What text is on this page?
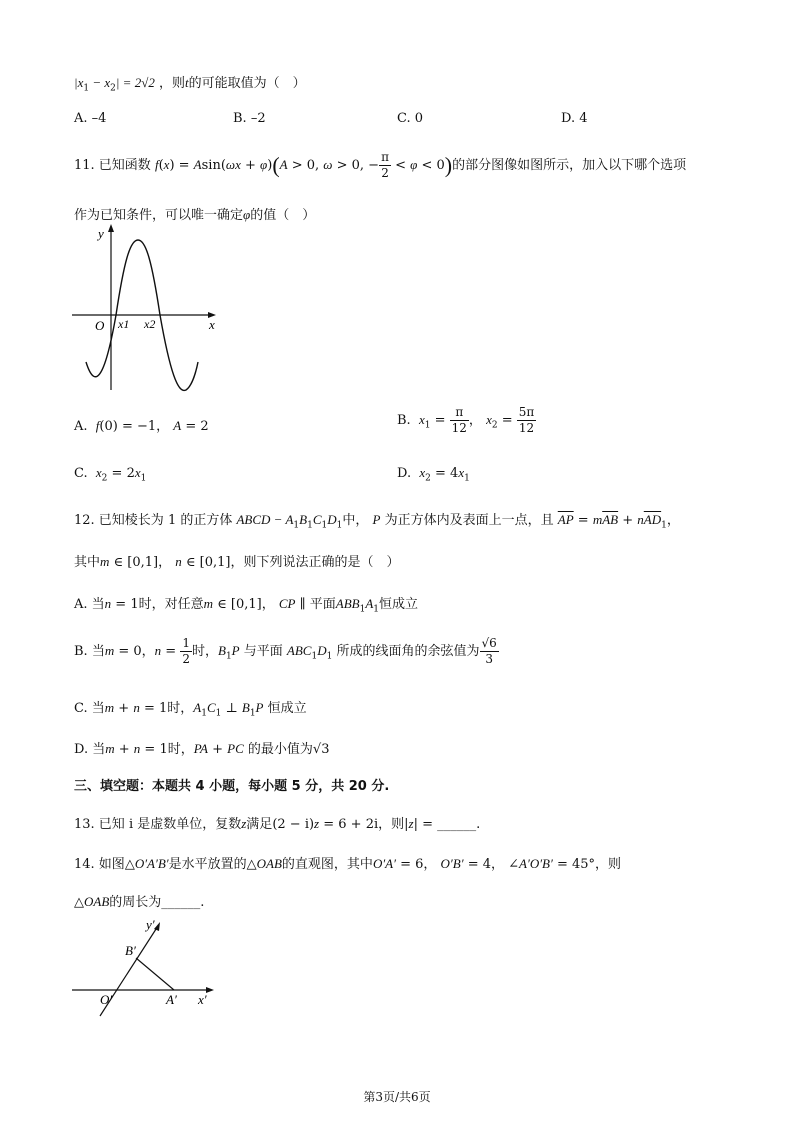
$|x_1 - x_2| = 2√2$ ，则t的可能取值为（　）
A. –4	B. –2	C. 0	D. 4
11. 已知函数 f(x) = Asin(ωx + φ)(A > 0, ω > 0, − $\frac{\pi}{2} < \varphi < 0$)的部分图像如图所示，加入以下哪个选项
作为已知条件，可以唯一确定φ的值（　）
y
x
O x1 x2
A. f(0) = −1， A = 2	B. $x_1 = \frac{\pi}{12}$ ， $x_2 = \frac{5\pi}{12}$
C. $x_2 = 2x_1$	D. $x_2 = 4x_1$
12. 已知棱长为 1 的正方体 ABCD − $A_1B_1C_1D_1$中， P 为正方体内及表面上一点，且 $\overline{AP} = m\overline{AB} + n\overline{AD}_1$，
其中m ∈ [0,1]， n ∈ [0,1]，则下列说法正确的是（　）
A. 当n = 1时，对任意m ∈ [0,1]， CP ∥ 平面$ABB_1A_1$恒成立
B. 当m = 0，$n = \frac{1}{2}$ 时，$B_1P$ 与平面 $ABC_1D_1$ 所成的线面角的余弦值为 $\frac{√6}{3}$
C. 当m + n = 1时，$A_1C_1$ ⊥ $B_1P$ 恒成立
D. 当m + n = 1时，PA + PC 的最小值为√3
三、填空题：本题共 4 小题，每小题 5 分，共 20 分.
13. 已知 i 是虚数单位，复数z满足(2 − i)z = 6 + 2i，则|z| = ______.
14. 如图△O′A′B′是水平放置的△OAB的直观图，其中O′A′ = 6， O′B′ = 4， ∠A′O′B′ = 45°，则
△OAB的周长为______.
y′
x′
O′	A′
B′
第3页/共6页
